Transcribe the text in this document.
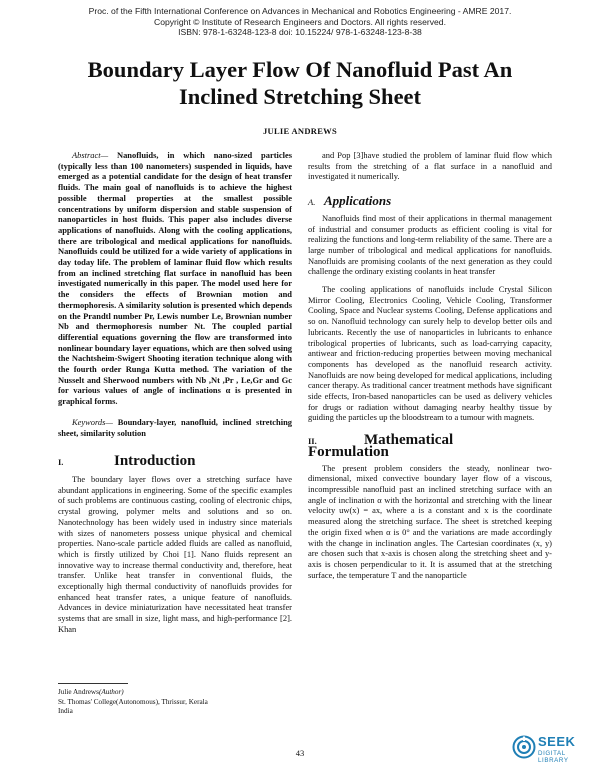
Proc. of the Fifth International Conference on Advances in Mechanical and Robotics Engineering - AMRE 2017.
Copyright © Institute of Research Engineers and Doctors. All rights reserved.
ISBN: 978-1-63248-123-8 doi: 10.15224/ 978-1-63248-123-8-38
Boundary Layer Flow Of Nanofluid Past An
Inclined Stretching Sheet
JULIE ANDREWS

Abstract— Nanofluids, in which nano-sized particles (typically less than 100 nanometers) suspended in liquids, have emerged as a potential candidate for the design of heat transfer fluids. The main goal of nanofluids is to achieve the highest possible thermal properties at the smallest possible concentrations by uniform dispersion and stable suspension of nanoparticles in host fluids. This paper also includes diverse applications of nanofluids. Along with the cooling applications, there are tribological and medical applications for nanofluids. Nanofluids could be utilized for a wide variety of applications in day today life. The problem of laminar fluid flow which results from an inclined stretching flat surface in nanofluid has been investigated numerically in this paper. The model used here for the considers the effects of Brownian motion and thermophoresis. A similarity solution is presented which depends on the Prandtl number Pr, Lewis number Le, Brownian number Nb and thermophoresis number Nt. The coupled partial differential equations governing the flow are transformed into nonlinear boundary layer equations, which are then solved using the Nachtsheim-Swigert Shooting iteration technique along with the fourth order Runga Kutta method. The variation of the Nusselt and Sherwood numbers with Nb ,Nt ,Pr , Le,Gr and Gc for various values of angle of inclinations α is presented in graphical forms.

Keywords— Boundary-layer, nanofluid, inclined stretching sheet, similarity solution

I.	Introduction

The boundary layer flows over a stretching surface have abundant applications in engineering. Some of the specific examples of such problems are continuous casting, cooling of electronic chips, crystal growing, polymer melts and solutions and so on. Nanotechnology has been widely used in industry since materials with sizes of nanometers possess unique physical and chemical properties. Nano-scale particle added fluids are called as nanofluid, which is firstly utilized by Choi [1]. Nano fluids represent an innovative way to increase thermal conductivity and, therefore, heat transfer. Unlike heat transfer in conventional fluids, the exceptionally high thermal conductivity of nanofluids provides for enhanced heat transfer rates, a unique feature of nanofluids. Advances in device miniaturization have necessitated heat transfer systems that are small in size, light mass, and high-performance [2]. Khan

and Pop [3]have studied the problem of laminar fluid flow which results from the stretching of a flat surface in a nanofluid and investigated it numerically.

A. Applications

Nanofluids find most of their applications in thermal management of industrial and consumer products as efficient cooling is vital for realizing the functions and long-term reliability of the same. There are a large number of tribological and medical applications for nanofluids. Nanofluids are promising coolants of the next generation as they could challenge the ordinary existing coolants in heat transfer

The cooling applications of nanofluids include Crystal Silicon Mirror Cooling, Electronics Cooling, Vehicle Cooling, Transformer Cooling, Space and Nuclear systems Cooling, Defense applications and so on. Nanofluid technology can surely help to develop better oils and lubricants. Recently the use of nanoparticles in lubricants to enhance tribological properties of lubricants, such as load-carrying capacity, antiwear and friction-reducing properties between moving mechanical components has developed as the nanofluid research activity. Nanofluids are now being developed for medical applications, including cancer therapy. As traditional cancer treatment methods have significant side effects, Iron-based nanoparticles can be used as delivery vehicles for drugs or radiation without damaging nearby healthy tissue by guiding the particles up the bloodstream to a tumour with magnets.

II.	Mathematical
Formulation

The present problem considers the steady, nonlinear two-dimensional, mixed convective boundary layer flow of a viscous, incompressible nanofluid past an inclined stretching surface with an angle of inclination α with the horizontal and stretching with the linear velocity uw(x) = ax, where a is a constant and x is the coordinate measured along the stretching surface. The sheet is stretched keeping the origin fixed when α is 0° and the variations are made accordingly with the change in inclination angles. The Cartesian coordinates (x, y) are chosen such that x-axis is chosen along the stretching sheet and y-axis is chosen perpendicular to it. It is assumed that at the stretching surface, the temperature T and the nanoparticle

Julie Andrews(Author)
St. Thomas' College(Autonomous), Thrissur, Kerala
India
43
SEEK
DIGITAL LIBRARY
